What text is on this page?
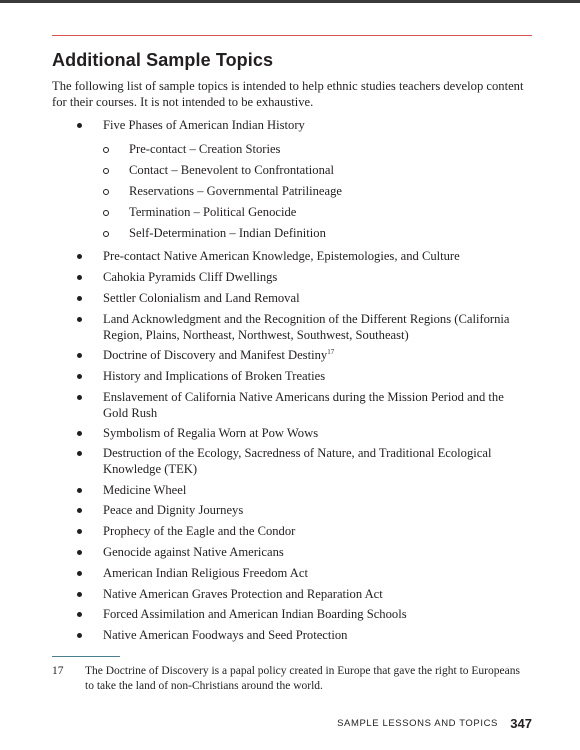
Additional Sample Topics

The following list of sample topics is intended to help ethnic studies teachers develop content for their courses. It is not intended to be exhaustive.

Five Phases of American Indian History
Pre-contact – Creation Stories
Contact – Benevolent to Confrontational
Reservations – Governmental Patrilineage
Termination – Political Genocide
Self-Determination – Indian Definition
Pre-contact Native American Knowledge, Epistemologies, and Culture
Cahokia Pyramids Cliff Dwellings
Settler Colonialism and Land Removal
Land Acknowledgment and the Recognition of the Different Regions (California Region, Plains, Northeast, Northwest, Southwest, Southeast)
Doctrine of Discovery and Manifest Destiny$^{17}$
History and Implications of Broken Treaties
Enslavement of California Native Americans during the Mission Period and the Gold Rush
Symbolism of Regalia Worn at Pow Wows
Destruction of the Ecology, Sacredness of Nature, and Traditional Ecological Knowledge (TEK)
Medicine Wheel
Peace and Dignity Journeys
Prophecy of the Eagle and the Condor
Genocide against Native Americans
American Indian Religious Freedom Act
Native American Graves Protection and Reparation Act
Forced Assimilation and American Indian Boarding Schools
Native American Foodways and Seed Protection
17 The Doctrine of Discovery is a papal policy created in Europe that gave the right to Europeans to take the land of non-Christians around the world.
SAMPLE LESSONS AND TOPICS 347
